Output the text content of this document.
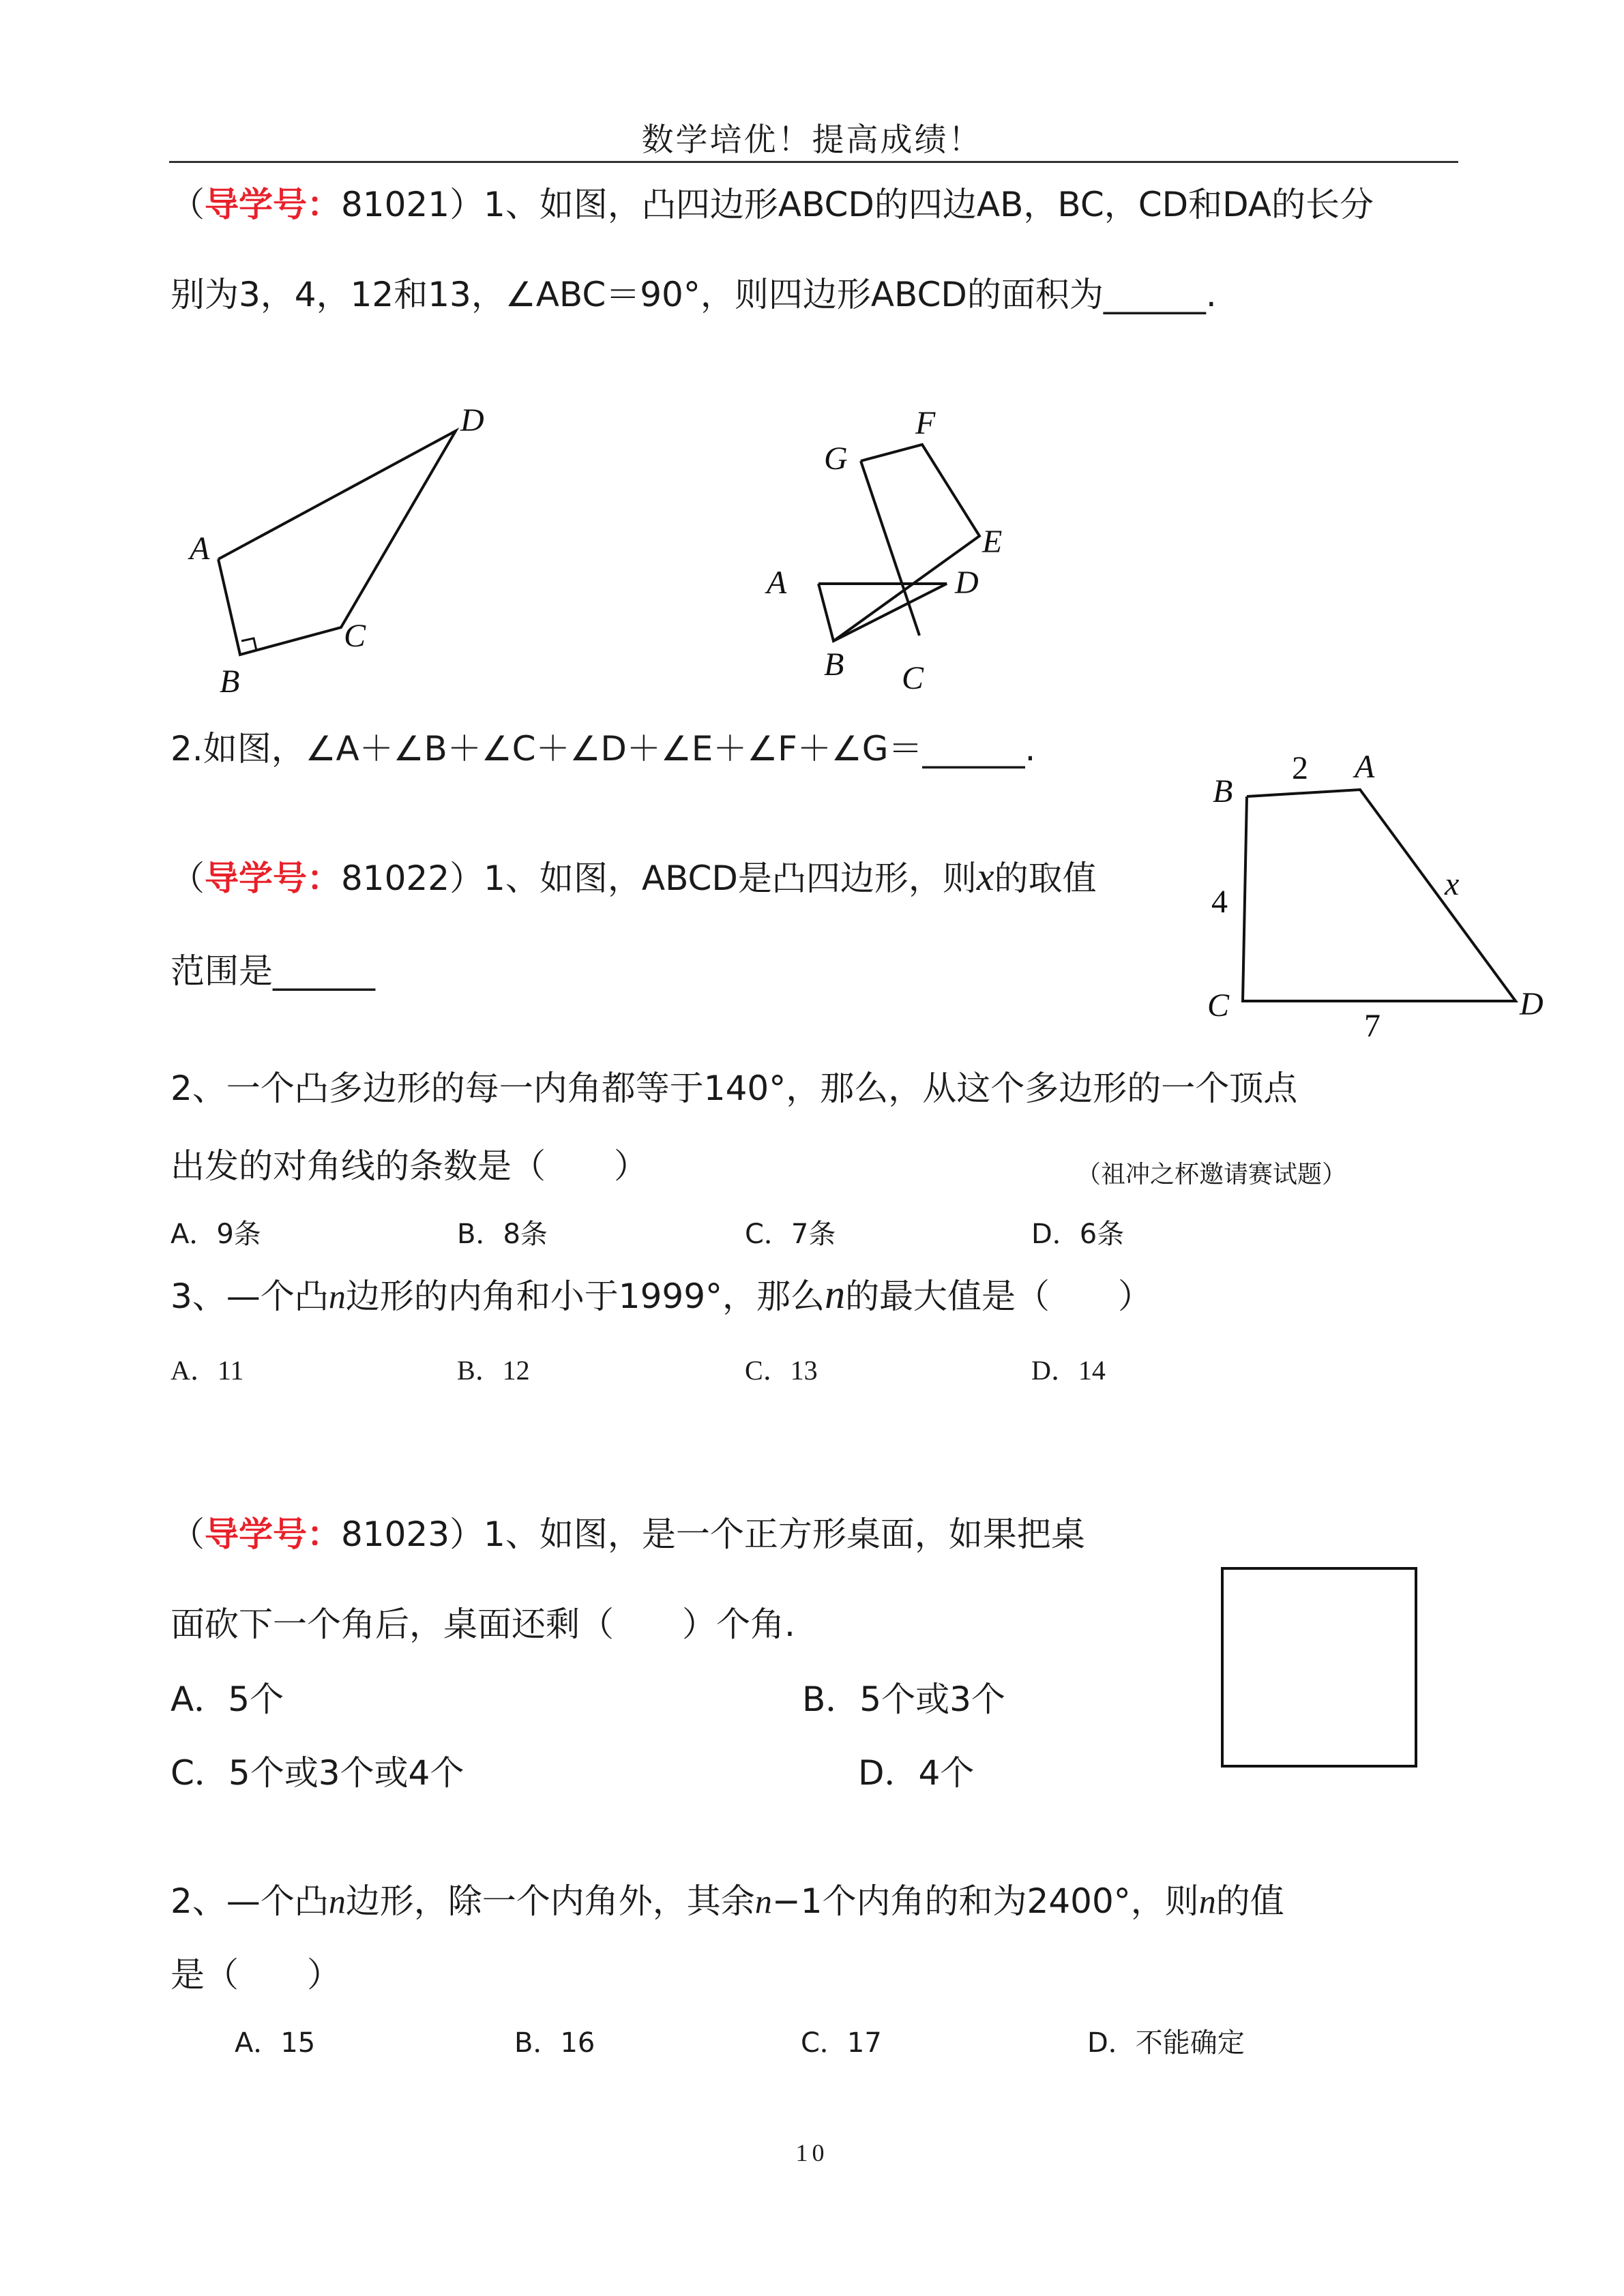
数学培优！提高成绩！
（导学号：81021）1、如图，凸四边形ABCD的四边AB，BC，CD和DA的长分
别为3，4，12和13，∠ABC＝90°，则四边形ABCD的面积为______.
A
B
C
D
A
B C
D
E
F
G
2.如图，∠A＋∠B＋∠C＋∠D＋∠E＋∠F＋∠G＝______.
（导学号：81022）1、如图，ABCD是凸四边形，则x的取值
范围是______
B
A
C	D
2
4
7
x
2、一个凸多边形的每一内角都等于140°，那么，从这个多边形的一个顶点
出发的对角线的条数是（　　）	（祖冲之杯邀请赛试题）
A．9条	B．8条	C．7条	D．6条
3、—个凸n边形的内角和小于1999°，那么n的最大值是（　　）
A．11	B．12	C．13	D．14
（导学号：81023）1、如图，是一个正方形桌面，如果把桌
面砍下一个角后，桌面还剩（　　）个角.
A．5个	B．5个或3个
C．5个或3个或4个	D．4个
2、—个凸n边形，除一个内角外，其余n−1个内角的和为2400°，则n的值
是（　　）
A．15	B．16	C．17	D．不能确定
10
